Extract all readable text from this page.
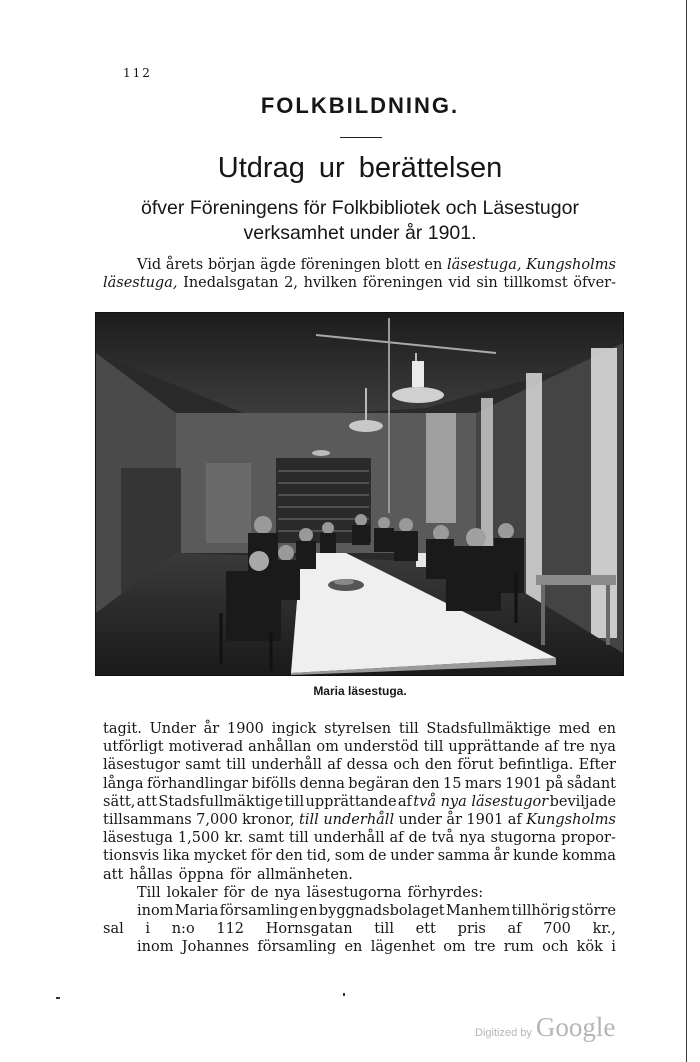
112
FOLKBILDNING.
Utdrag ur berättelsen
öfver Föreningens för Folkbibliotek och Läsestugor
verksamhet under år 1901.
Vid årets början ägde föreningen blott en läsestuga, Kungsholms
läsestuga, Inedalsgatan 2, hvilken föreningen vid sin tillkomst öfver-
Maria läsestuga.
tagit. Under år 1900 ingick styrelsen till Stadsfullmäktige med en
utförligt motiverad anhållan om understöd till upprättande af tre nya
läsestugor samt till underhåll af dessa och den förut befintliga. Efter
långa förhandlingar bifölls denna begäran den 15 mars 1901 på sådant
sätt, att Stadsfullmäktige till upprättande af två nya läsestugor beviljade
tillsammans 7,000 kronor, till underhåll under år 1901 af Kungsholms
läsestuga 1,500 kr. samt till underhåll af de två nya stugorna propor-
tionsvis lika mycket för den tid, som de under samma år kunde komma
att hållas öppna för allmänheten.
Till lokaler för de nya läsestugorna förhyrdes:
inom Maria församling en byggnadsbolaget Manhem tillhörig större
sal i n:o 112 Hornsgatan till ett pris af 700 kr.,
inom Johannes församling en lägenhet om tre rum och kök i
Digitized by Google
